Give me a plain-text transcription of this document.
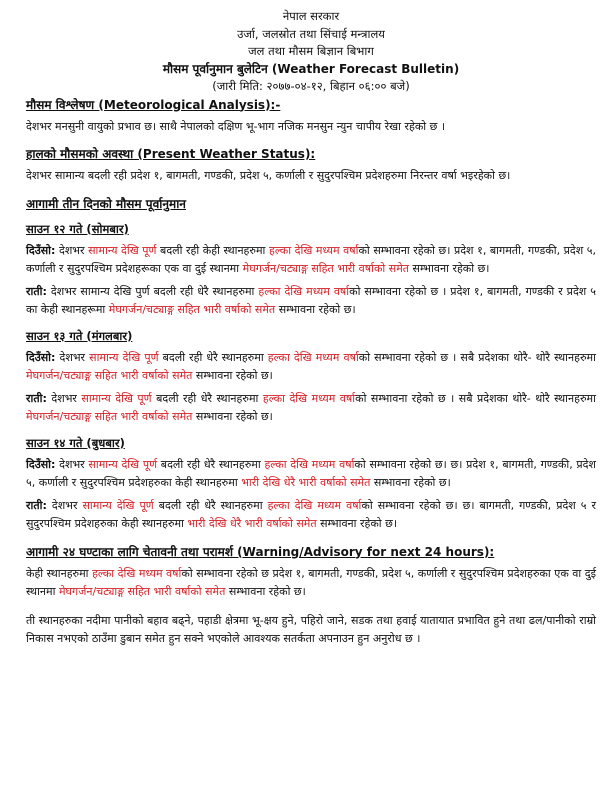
नेपाल सरकार
उर्जा, जलस्रोत तथा सिंचाई मन्त्रालय
जल तथा मौसम बिज्ञान बिभाग
मौसम पूर्वानुमान बुलेटिन (Weather Forecast Bulletin)
(जारी मिति: २०७७-०४-१२, बिहान ०६:०० बजे)
मौसम विश्लेषण (Meteorological Analysis):-

देशभर मनसुनी वायुको प्रभाव छ। साथै नेपालको दक्षिण भू-भाग नजिक मनसुन न्युन चापीय रेखा रहेको छ ।

हालको मौसमको अवस्था (Present Weather Status):

देशभर सामान्य बदली रही प्रदेश १, बागमती, गण्डकी, प्रदेश ५, कर्णाली र सुदुरपश्चिम प्रदेशहरुमा निरन्तर वर्षा भइरहेको छ।

आगामी तीन दिनको मौसम पूर्वानुमान
साउन १२ गते (सोमबार)

दिउँसो: देशभर सामान्य देखि पूर्ण बदली रही केही स्थानहरुमा हल्का देखि मध्यम वर्षाको सम्भावना रहेको छ। प्रदेश १, बागमती, गण्डकी, प्रदेश ५, कर्णाली र सुदुरपश्चिम प्रदेशहरूका एक वा दुई स्थानमा मेघगर्जन/चट्याङ्ग सहित भारी वर्षाको समेत सम्भावना रहेको छ।

राती: देशभर सामान्य देखि पुर्ण बदली रही धेरै स्थानहरुमा हल्का देखि मध्यम वर्षाको सम्भावना रहेको छ । प्रदेश १, बागमती, गण्डकी र प्रदेश ५ का केही स्थानहरूमा मेघगर्जन/चट्याङ्ग सहित भारी वर्षाको समेत सम्भावना रहेको छ।

साउन १३ गते (मंगलबार)

दिउँसो: देशभर सामान्य देखि पूर्ण बदली रही धेरै स्थानहरुमा हल्का देखि मध्यम वर्षाको सम्भावना रहेको छ । सबै प्रदेशका थोरै- थोरै स्थानहरुमा मेघगर्जन/चट्याङ्ग सहित भारी वर्षाको समेत सम्भावना रहेको छ।

राती: देशभर सामान्य देखि पूर्ण बदली रही धेरै स्थानहरुमा हल्का देखि मध्यम वर्षाको सम्भावना रहेको छ । सबै प्रदेशका थोरै- थोरै स्थानहरुमा मेघगर्जन/चट्याङ्ग सहित भारी वर्षाको समेत सम्भावना रहेको छ।

साउन १४ गते (बुधबार)

दिउँसो: देशभर सामान्य देखि पूर्ण बदली रही धेरै स्थानहरुमा हल्का देखि मध्यम वर्षाको सम्भावना रहेको छ। छ। प्रदेश १, बागमती, गण्डकी, प्रदेश ५, कर्णाली र सुदुरपश्चिम प्रदेशहरुका केही स्थानहरुमा भारी देखि धेरै भारी वर्षाको समेत सम्भावना रहेको छ।

राती: देशभर सामान्य देखि पूर्ण बदली रही धेरै स्थानहरुमा हल्का देखि मध्यम वर्षाको सम्भावना रहेको छ। छ। बागमती, गण्डकी, प्रदेश ५ र सुदुरपश्चिम प्रदेशहरुका केही स्थानहरुमा भारी देखि धेरै भारी वर्षाको समेत सम्भावना रहेको छ।

आगामी २४ घण्टाका लागि चेतावनी तथा परामर्श (Warning/Advisory for next 24 hours):

केही स्थानहरुमा हल्का देखि मध्यम वर्षाको सम्भावना रहेको छ प्रदेश १, बागमती, गण्डकी, प्रदेश ५, कर्णाली र सुदुरपश्चिम प्रदेशहरुका एक वा दुई स्थानमा मेघगर्जन/चट्याङ्ग सहित भारी वर्षाको समेत सम्भावना रहेको छ।

ती स्थानहरुका नदीमा पानीको बहाव बढ्ने, पहाडी क्षेत्रमा भू-क्षय हुने, पहिरो जाने, सडक तथा हवाई यातायात प्रभावित हुने तथा ढल/पानीको राम्रो निकास नभएको ठाउँमा डुबान समेत हुन सक्ने भएकोले आवश्यक सतर्कता अपनाउन हुन अनुरोध छ ।
